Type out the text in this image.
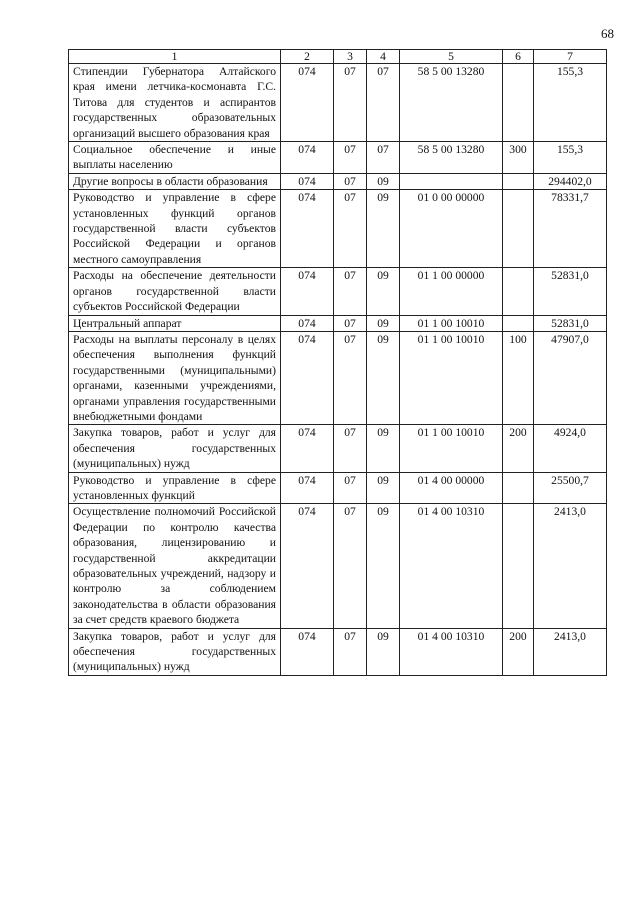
68
1	2	3	4	5	6	7
Стипендии Губернатора Алтайского края имени летчика-космонавта Г.С. Титова для студентов и аспирантов государственных образовательных организаций высшего образования края	074	07	07	58 5 00 13280		155,3
Социальное обеспечение и иные выплаты населению	074	07	07	58 5 00 13280	300	155,3
Другие вопросы в области образования	074	07	09			294402,0
Руководство и управление в сфере установленных функций органов государственной власти субъектов Российской Федерации и органов местного самоуправления	074	07	09	01 0 00 00000		78331,7
Расходы на обеспечение деятельности органов государственной власти субъектов Российской Федерации	074	07	09	01 1 00 00000		52831,0
Центральный аппарат	074	07	09	01 1 00 10010		52831,0
Расходы на выплаты персоналу в целях обеспечения выполнения функций государственными (муниципальными) органами, казенными учреждениями, органами управления государственными внебюджетными фондами	074	07	09	01 1 00 10010	100	47907,0
Закупка товаров, работ и услуг для обеспечения государственных (муниципальных) нужд	074	07	09	01 1 00 10010	200	4924,0
Руководство и управление в сфере установленных функций	074	07	09	01 4 00 00000		25500,7
Осуществление полномочий Российской Федерации по контролю качества образования, лицензированию и государственной аккредитации образовательных учреждений, надзору и контролю за соблюдением законодательства в области образования за счет средств краевого бюджета	074	07	09	01 4 00 10310		2413,0
Закупка товаров, работ и услуг для обеспечения государственных (муниципальных) нужд	074	07	09	01 4 00 10310	200	2413,0
